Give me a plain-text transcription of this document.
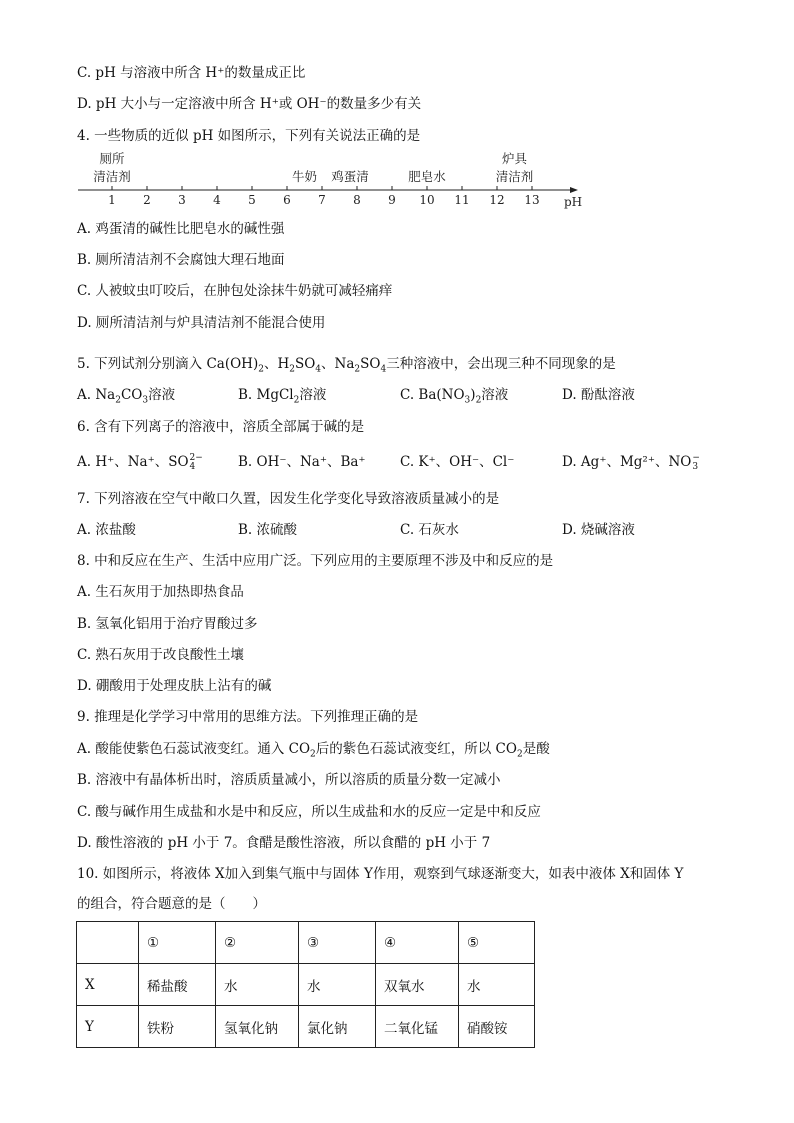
C. pH 与溶液中所含 H⁺的数量成正比
D. pH 大小与一定溶液中所含 H⁺或 OH⁻的数量多少有关
4. 一些物质的近似 pH 如图所示，下列有关说法正确的是
1 2 3 4 5 6 7 8 9 10 11 12 13 pH
厕所
清洁剂	牛奶 鸡蛋清	肥皂水
炉具
清洁剂
A. 鸡蛋清的碱性比肥皂水的碱性强
B. 厕所清洁剂不会腐蚀大理石地面
C. 人被蚊虫叮咬后，在肿包处涂抹牛奶就可减轻痛痒
D. 厕所清洁剂与炉具清洁剂不能混合使用
5. 下列试剂分别滴入 $Ca(OH)_2$、$H_2SO_4$、$Na_2SO_4$三种溶液中，会出现三种不同现象的是
A. $Na_2CO_3$溶液	B. MgCl$_2$溶液	C. $Ba(NO_3)_2$溶液	D. 酚酞溶液
6. 含有下列离子的溶液中，溶质全部属于碱的是
A. H⁺、Na⁺、SO 2−
4	B. OH⁻、Na⁺、Ba⁺	C. K⁺、OH⁻、Cl⁻	D. Ag⁺、Mg²⁺、NO −
3
7. 下列溶液在空气中敞口久置，因发生化学变化导致溶液质量减小的是
A. 浓盐酸	B. 浓硫酸	C. 石灰水	D. 烧碱溶液
8. 中和反应在生产、生活中应用广泛。下列应用的主要原理不涉及中和反应的是
A. 生石灰用于加热即热食品
B. 氢氧化铝用于治疗胃酸过多
C. 熟石灰用于改良酸性土壤
D. 硼酸用于处理皮肤上沾有的碱
9. 推理是化学学习中常用的思维方法。下列推理正确的是
A. 酸能使紫色石蕊试液变红。通入 $CO_2$后的紫色石蕊试液变红，所以 $CO_2$是酸
B. 溶液中有晶体析出时，溶质质量减小，所以溶质的质量分数一定减小
C. 酸与碱作用生成盐和水是中和反应，所以生成盐和水的反应一定是中和反应
D. 酸性溶液的 pH 小于 7。食醋是酸性溶液，所以食醋的 pH 小于 7
10. 如图所示，将液体 X加入到集气瓶中与固体 Y作用，观察到气球逐渐变大，如表中液体 X和固体 Y
的组合，符合题意的是（　　）
	①	②	③	④	⑤
X	稀盐酸	水	水	双氧水	水
Y	铁粉	氢氧化钠	氯化钠	二氧化锰	硝酸铵
